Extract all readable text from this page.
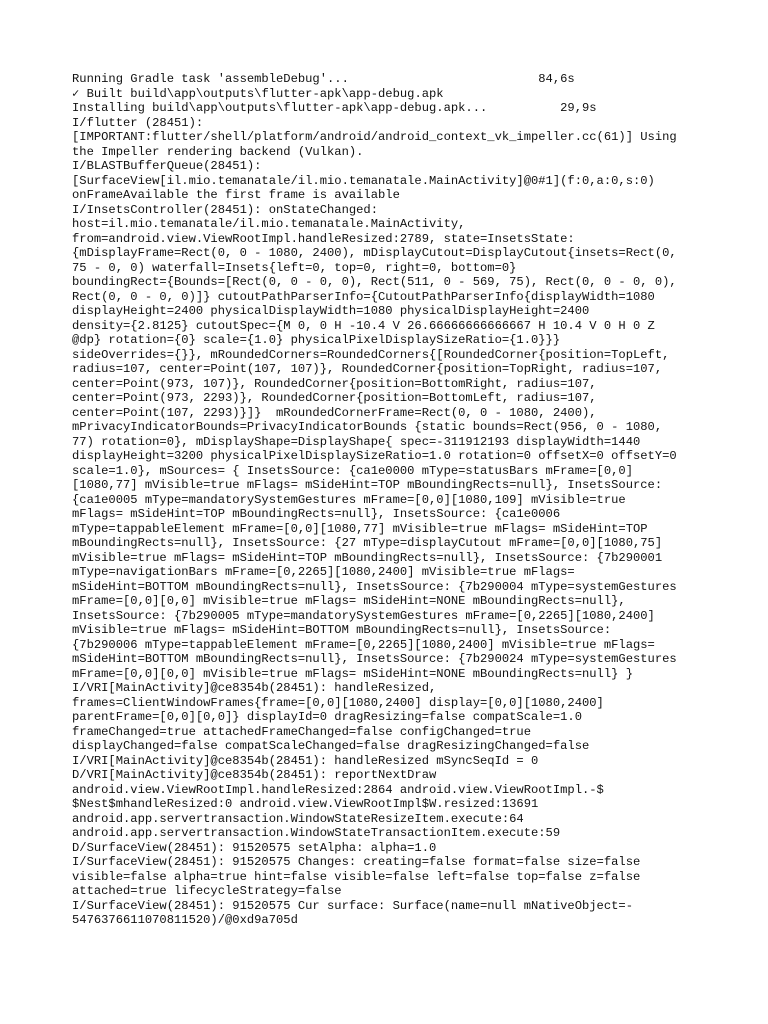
Running Gradle task 'assembleDebug'...                          84,6s
✓ Built build\app\outputs\flutter-apk\app-debug.apk
Installing build\app\outputs\flutter-apk\app-debug.apk...          29,9s
I/flutter (28451):
[IMPORTANT:flutter/shell/platform/android/android_context_vk_impeller.cc(61)] Using
the Impeller rendering backend (Vulkan).
I/BLASTBufferQueue(28451):
[SurfaceView[il.mio.temanatale/il.mio.temanatale.MainActivity]@0#1](f:0,a:0,s:0)
onFrameAvailable the first frame is available
I/InsetsController(28451): onStateChanged:
host=il.mio.temanatale/il.mio.temanatale.MainActivity,
from=android.view.ViewRootImpl.handleResized:2789, state=InsetsState:
{mDisplayFrame=Rect(0, 0 - 1080, 2400), mDisplayCutout=DisplayCutout{insets=Rect(0,
75 - 0, 0) waterfall=Insets{left=0, top=0, right=0, bottom=0}
boundingRect={Bounds=[Rect(0, 0 - 0, 0), Rect(511, 0 - 569, 75), Rect(0, 0 - 0, 0),
Rect(0, 0 - 0, 0)]} cutoutPathParserInfo={CutoutPathParserInfo{displayWidth=1080
displayHeight=2400 physicalDisplayWidth=1080 physicalDisplayHeight=2400
density={2.8125} cutoutSpec={M 0, 0 H -10.4 V 26.66666666666667 H 10.4 V 0 H 0 Z
@dp} rotation={0} scale={1.0} physicalPixelDisplaySizeRatio={1.0}}}
sideOverrides={}}, mRoundedCorners=RoundedCorners{[RoundedCorner{position=TopLeft,
radius=107, center=Point(107, 107)}, RoundedCorner{position=TopRight, radius=107,
center=Point(973, 107)}, RoundedCorner{position=BottomRight, radius=107,
center=Point(973, 2293)}, RoundedCorner{position=BottomLeft, radius=107,
center=Point(107, 2293)}]}  mRoundedCornerFrame=Rect(0, 0 - 1080, 2400),
mPrivacyIndicatorBounds=PrivacyIndicatorBounds {static bounds=Rect(956, 0 - 1080,
77) rotation=0}, mDisplayShape=DisplayShape{ spec=-311912193 displayWidth=1440
displayHeight=3200 physicalPixelDisplaySizeRatio=1.0 rotation=0 offsetX=0 offsetY=0
scale=1.0}, mSources= { InsetsSource: {ca1e0000 mType=statusBars mFrame=[0,0]
[1080,77] mVisible=true mFlags= mSideHint=TOP mBoundingRects=null}, InsetsSource:
{ca1e0005 mType=mandatorySystemGestures mFrame=[0,0][1080,109] mVisible=true
mFlags= mSideHint=TOP mBoundingRects=null}, InsetsSource: {ca1e0006
mType=tappableElement mFrame=[0,0][1080,77] mVisible=true mFlags= mSideHint=TOP
mBoundingRects=null}, InsetsSource: {27 mType=displayCutout mFrame=[0,0][1080,75]
mVisible=true mFlags= mSideHint=TOP mBoundingRects=null}, InsetsSource: {7b290001
mType=navigationBars mFrame=[0,2265][1080,2400] mVisible=true mFlags=
mSideHint=BOTTOM mBoundingRects=null}, InsetsSource: {7b290004 mType=systemGestures
mFrame=[0,0][0,0] mVisible=true mFlags= mSideHint=NONE mBoundingRects=null},
InsetsSource: {7b290005 mType=mandatorySystemGestures mFrame=[0,2265][1080,2400]
mVisible=true mFlags= mSideHint=BOTTOM mBoundingRects=null}, InsetsSource:
{7b290006 mType=tappableElement mFrame=[0,2265][1080,2400] mVisible=true mFlags=
mSideHint=BOTTOM mBoundingRects=null}, InsetsSource: {7b290024 mType=systemGestures
mFrame=[0,0][0,0] mVisible=true mFlags= mSideHint=NONE mBoundingRects=null} }
I/VRI[MainActivity]@ce8354b(28451): handleResized,
frames=ClientWindowFrames{frame=[0,0][1080,2400] display=[0,0][1080,2400]
parentFrame=[0,0][0,0]} displayId=0 dragResizing=false compatScale=1.0
frameChanged=true attachedFrameChanged=false configChanged=true
displayChanged=false compatScaleChanged=false dragResizingChanged=false
I/VRI[MainActivity]@ce8354b(28451): handleResized mSyncSeqId = 0
D/VRI[MainActivity]@ce8354b(28451): reportNextDraw
android.view.ViewRootImpl.handleResized:2864 android.view.ViewRootImpl.-$
$Nest$mhandleResized:0 android.view.ViewRootImpl$W.resized:13691
android.app.servertransaction.WindowStateResizeItem.execute:64
android.app.servertransaction.WindowStateTransactionItem.execute:59
D/SurfaceView(28451): 91520575 setAlpha: alpha=1.0
I/SurfaceView(28451): 91520575 Changes: creating=false format=false size=false
visible=false alpha=true hint=false visible=false left=false top=false z=false
attached=true lifecycleStrategy=false
I/SurfaceView(28451): 91520575 Cur surface: Surface(name=null mNativeObject=-
5476376611070811520)/@0xd9a705d
